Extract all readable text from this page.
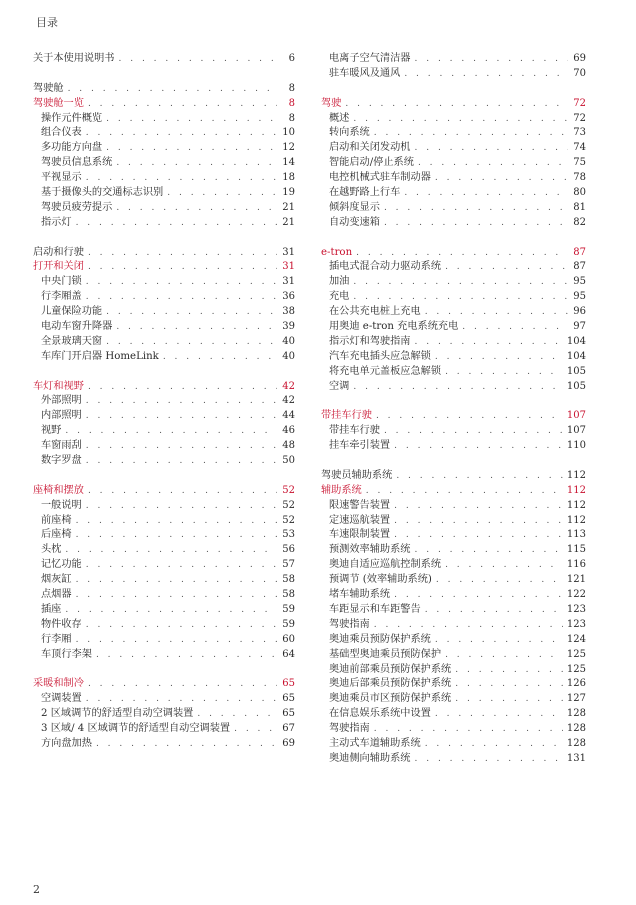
目录
关于本使用说明书 . . .	6
驾驶舱 . . .	8
驾驶舱一览 . . .	8
操作元件概览 . . .	8
组合仪表 . . .	10
多功能方向盘 . . .	12
驾驶员信息系统 . . .	14
平视显示 . . .	18
基于摄像头的交通标志识别 . . .	19
驾驶员疲劳提示 . . .	21
指示灯 . . .	21
启动和行驶 . . .	31
打开和关闭 . . .	31
中央门锁 . . .	31
行李厢盖 . . .	36
儿童保险功能 . . .	38
电动车窗升降器 . . .	39
全景玻璃天窗 . . .	40
车库门开启器 HomeLink . . .	40
车灯和视野 . . .	42
外部照明 . . .	42
内部照明 . . .	44
视野 . . .	46
车窗雨刮 . . .	48
数字罗盘 . . .	50
座椅和摆放 . . .	52
一般说明 . . .	52
前座椅 . . .	52
后座椅 . . .	53
头枕 . . .	56
记忆功能 . . .	57
烟灰缸 . . .	58
点烟器 . . .	58
插座 . . .	59
物件收存 . . .	59
行李厢 . . .	60
车顶行李架 . . .	64
采暖和制冷 . . .	65
空调装置 . . .	65
2 区域调节的舒适型自动空调装置 . . .	65
3 区域/ 4 区域调节的舒适型自动空调装置 . . .	67
方向盘加热 . . .	69
电离子空气清洁器 . . .	69
驻车暖风及通风 . . .	70
驾驶 . . .	72
概述 . . .	72
转向系统 . . .	73
启动和关闭发动机 . . .	74
智能启动/停止系统 . . .	75
电控机械式驻车制动器 . . .	78
在越野路上行车 . . .	80
倾斜度显示 . . .	81
自动变速箱 . . .	82
e-tron . . .	87
插电式混合动力驱动系统 . . .	87
加油 . . .	95
充电 . . .	95
在公共充电桩上充电 . . .	96
用奥迪 e-tron 充电系统充电 . . .	97
指示灯和驾驶指南 . . .	104
汽车充电插头应急解锁 . . .	104
将充电单元盖板应急解锁 . . .	105
空调 . . .	105
带挂车行驶 . . .	107
带挂车行驶 . . .	107
挂车牵引装置 . . .	110
驾驶员辅助系统 . . .	112
辅助系统 . . .	112
限速警告装置 . . .	112
定速巡航装置 . . .	112
车速限制装置 . . .	113
预测效率辅助系统 . . .	115
奥迪自适应巡航控制系统 . . .	116
预调节 (效率辅助系统) . . .	121
堵车辅助系统 . . .	122
车距显示和车距警告 . . .	123
驾驶指南 . . .	123
奥迪乘员预防保护系统 . . .	124
基础型奥迪乘员预防保护 . . .	125
奥迪前部乘员预防保护系统 . . .	125
奥迪后部乘员预防保护系统 . . .	126
奥迪乘员市区预防保护系统 . . .	127
在信息娱乐系统中设置 . . .	128
驾驶指南 . . .	128
主动式车道辅助系统 . . .	128
奥迪侧向辅助系统 . . .	131
2
